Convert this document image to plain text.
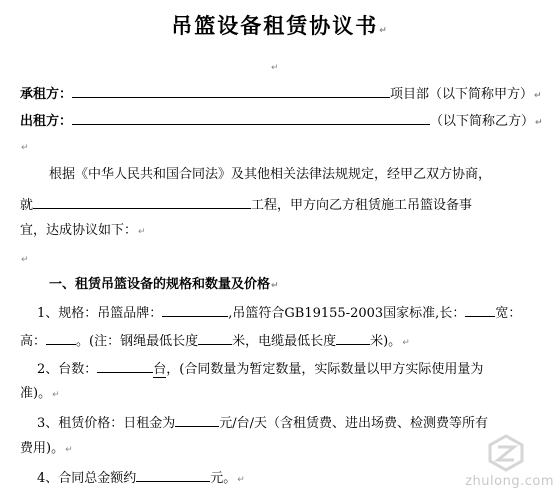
吊篮设备租赁协议书↵
↵
承租方：	项目部（以下简称甲方）↵
出租方：	（以下简称乙方）↵
↵
根据《中华人民共和国合同法》及其他相关法律法规规定，经甲乙双方协商，
就	工程，甲方向乙方租赁施工吊篮设备事
宜，达成协议如下：↵
↵
一、租赁吊篮设备的规格和数量及价格↵
1、规格：吊篮品牌：	,吊篮符合GB19155-2003国家标准,长： 宽：
高： 。(注：钢绳最低长度	米，电缆最低长度	米)。↵
2、台数：	台，(合同数量为暂定数量，实际数量以甲方实际使用量为
准)。↵
3、租赁价格：日租金为	元/台/天（含租赁费、进出场费、检测费等所有
费用)。↵
4、合同总金额约	元。↵	zhulong.com
